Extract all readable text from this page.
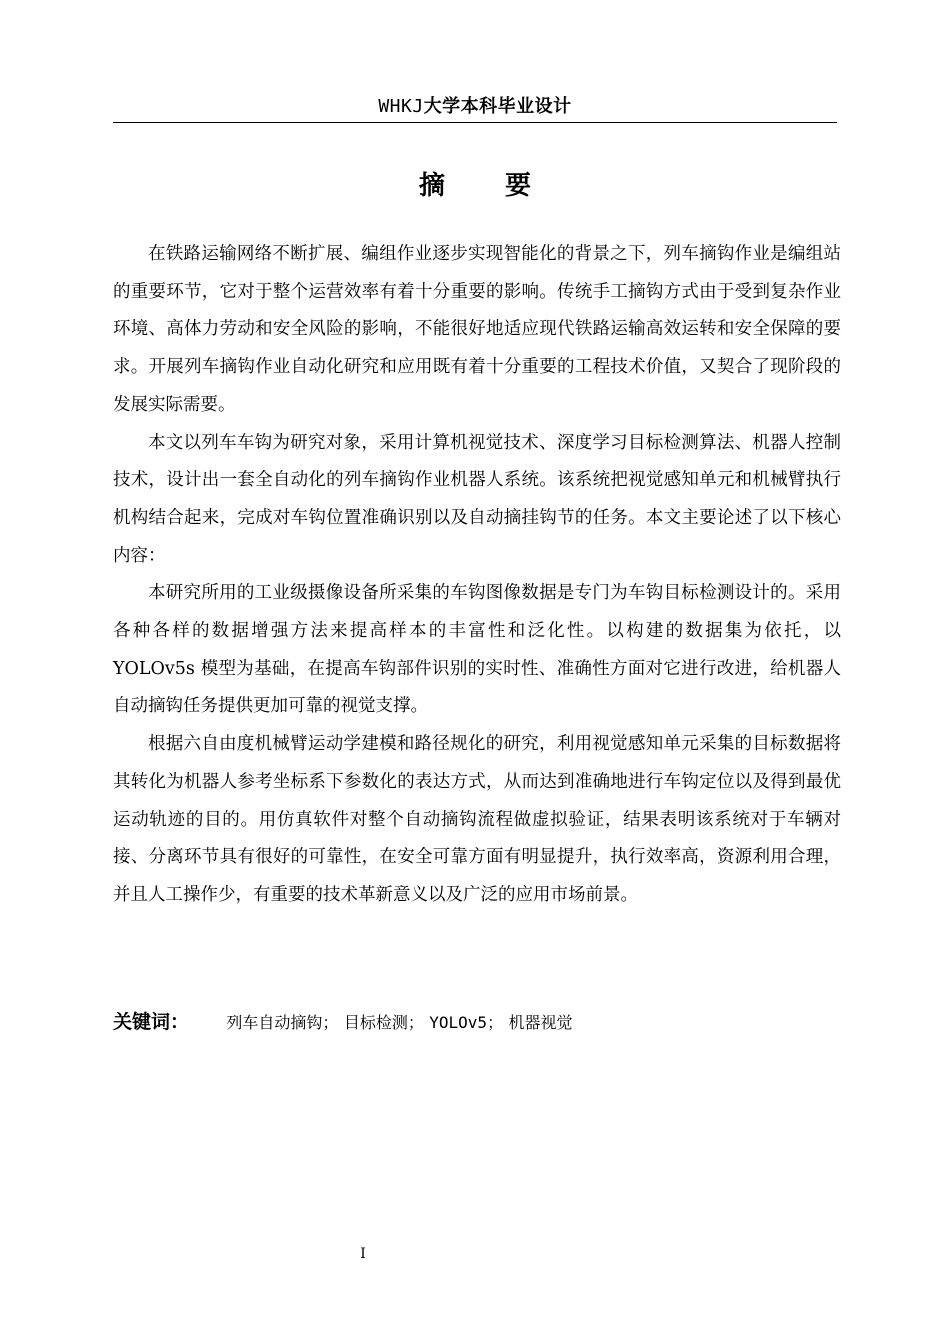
WHKJ大学本科毕业设计
摘要

在铁路运输网络不断扩展、编组作业逐步实现智能化的背景之下，列车摘钩作业是编组站的重要环节，它对于整个运营效率有着十分重要的影响。传统手工摘钩方式由于受到复杂作业环境、高体力劳动和安全风险的影响，不能很好地适应现代铁路运输高效运转和安全保障的要求。开展列车摘钩作业自动化研究和应用既有着十分重要的工程技术价值，又契合了现阶段的发展实际需要。

本文以列车车钩为研究对象，采用计算机视觉技术、深度学习目标检测算法、机器人控制技术，设计出一套全自动化的列车摘钩作业机器人系统。该系统把视觉感知单元和机械臂执行机构结合起来，完成对车钩位置准确识别以及自动摘挂钩节的任务。本文主要论述了以下核心内容：

本研究所用的工业级摄像设备所采集的车钩图像数据是专门为车钩目标检测设计的。采用各种各样的数据增强方法来提高样本的丰富性和泛化性。以构建的数据集为依托，以 YOLOv5s 模型为基础，在提高车钩部件识别的实时性、准确性方面对它进行改进，给机器人自动摘钩任务提供更加可靠的视觉支撑。

根据六自由度机械臂运动学建模和路径规化的研究，利用视觉感知单元采集的目标数据将其转化为机器人参考坐标系下参数化的表达方式，从而达到准确地进行车钩定位以及得到最优运动轨迹的目的。用仿真软件对整个自动摘钩流程做虚拟验证，结果表明该系统对于车辆对接、分离环节具有很好的可靠性，在安全可靠方面有明显提升，执行效率高，资源利用合理，并且人工操作少，有重要的技术革新意义以及广泛的应用市场前景。

关键词： 列车自动摘钩； 目标检测； YOLOv5； 机器视觉
I
